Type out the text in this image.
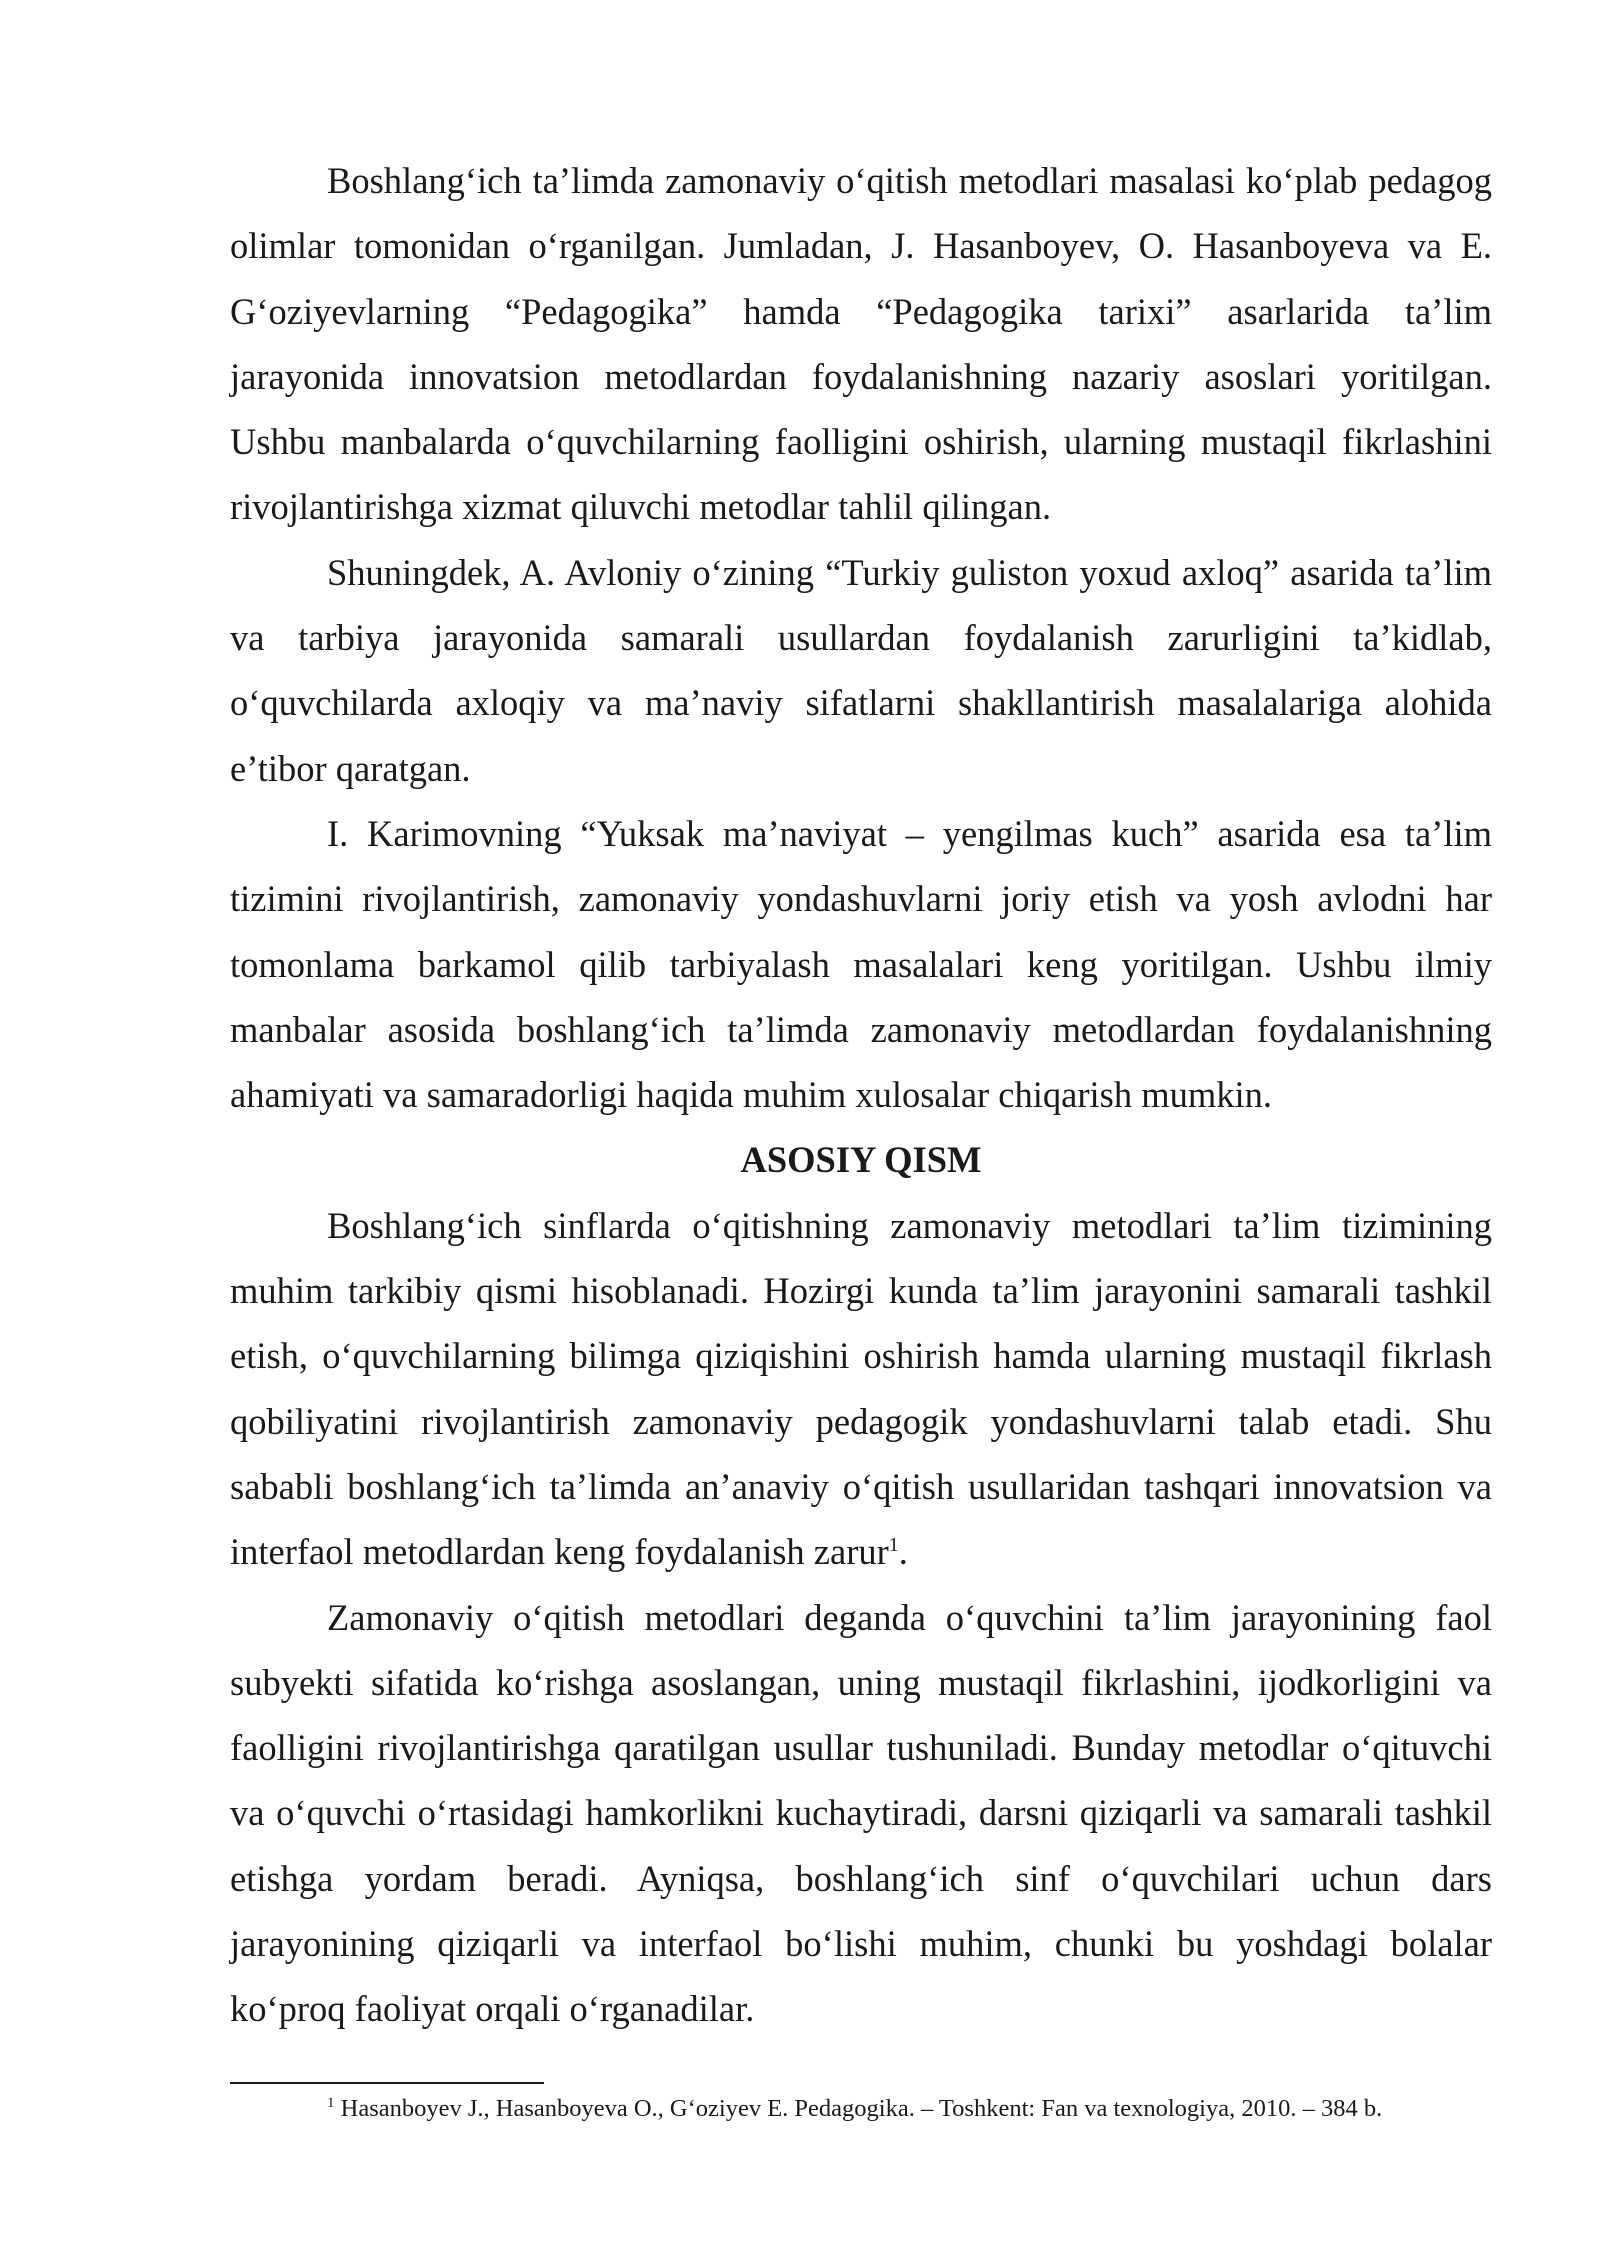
Boshlang‘ich ta’limda zamonaviy o‘qitish metodlari masalasi ko‘plab pedagog olimlar tomonidan o‘rganilgan. Jumladan, J. Hasanboyev, O. Hasanboyeva va E. G‘oziyevlarning “Pedagogika” hamda “Pedagogika tarixi” asarlarida ta’lim jarayonida innovatsion metodlardan foydalanishning nazariy asoslari yoritilgan. Ushbu manbalarda o‘quvchilarning faolligini oshirish, ularning mustaqil fikrlashini rivojlantirishga xizmat qiluvchi metodlar tahlil qilingan.

Shuningdek, A. Avloniy o‘zining “Turkiy guliston yoxud axloq” asarida ta’lim va tarbiya jarayonida samarali usullardan foydalanish zarurligini ta’kidlab, o‘quvchilarda axloqiy va ma’naviy sifatlarni shakllantirish masalalariga alohida e’tibor qaratgan.

I. Karimovning “Yuksak ma’naviyat – yengilmas kuch” asarida esa ta’lim tizimini rivojlantirish, zamonaviy yondashuvlarni joriy etish va yosh avlodni har tomonlama barkamol qilib tarbiyalash masalalari keng yoritilgan. Ushbu ilmiy manbalar asosida boshlang‘ich ta’limda zamonaviy metodlardan foydalanishning ahamiyati va samaradorligi haqida muhim xulosalar chiqarish mumkin.

ASOSIY QISM

Boshlang‘ich sinflarda o‘qitishning zamonaviy metodlari ta’lim tizimining muhim tarkibiy qismi hisoblanadi. Hozirgi kunda ta’lim jarayonini samarali tashkil etish, o‘quvchilarning bilimga qiziqishini oshirish hamda ularning mustaqil fikrlash qobiliyatini rivojlantirish zamonaviy pedagogik yondashuvlarni talab etadi. Shu sababli boshlang‘ich ta’limda an’anaviy o‘qitish usullaridan tashqari innovatsion va interfaol metodlardan keng foydalanish zarur$^1$.

Zamonaviy o‘qitish metodlari deganda o‘quvchini ta’lim jarayonining faol subyekti sifatida ko‘rishga asoslangan, uning mustaqil fikrlashini, ijodkorligini va faolligini rivojlantirishga qaratilgan usullar tushuniladi. Bunday metodlar o‘qituvchi va o‘quvchi o‘rtasidagi hamkorlikni kuchaytiradi, darsni qiziqarli va samarali tashkil etishga yordam beradi. Ayniqsa, boshlang‘ich sinf o‘quvchilari uchun dars jarayonining qiziqarli va interfaol bo‘lishi muhim, chunki bu yoshdagi bolalar ko‘proq faoliyat orqali o‘rganadilar.

$^1$ Hasanboyev J., Hasanboyeva O., G‘oziyev E. Pedagogika. – Toshkent: Fan va texnologiya, 2010. – 384 b.
